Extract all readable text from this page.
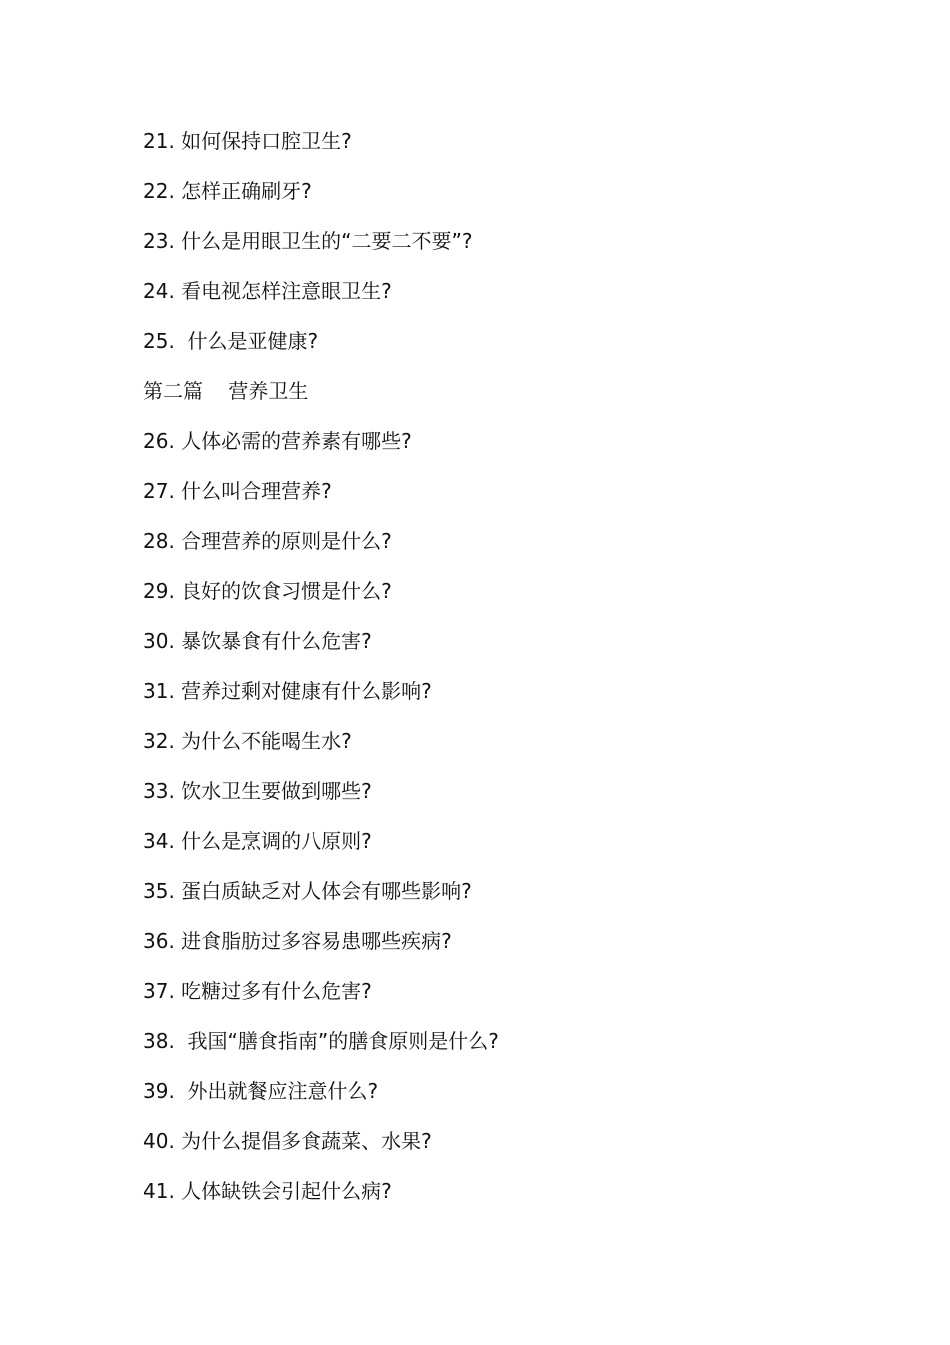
21. 如何保持口腔卫生?
22. 怎样正确刷牙?
23. 什么是用眼卫生的“二要二不要”?
24. 看电视怎样注意眼卫生?
25.  什么是亚健康?
第二篇    营养卫生
26. 人体必需的营养素有哪些?
27. 什么叫合理营养?
28. 合理营养的原则是什么?
29. 良好的饮食习惯是什么?
30. 暴饮暴食有什么危害?
31. 营养过剩对健康有什么影响?
32. 为什么不能喝生水?
33. 饮水卫生要做到哪些?
34. 什么是烹调的八原则?
35. 蛋白质缺乏对人体会有哪些影响?
36. 进食脂肪过多容易患哪些疾病?
37. 吃糖过多有什么危害?
38.  我国“膳食指南”的膳食原则是什么?
39.  外出就餐应注意什么?
40. 为什么提倡多食蔬菜、水果?
41. 人体缺铁会引起什么病?
